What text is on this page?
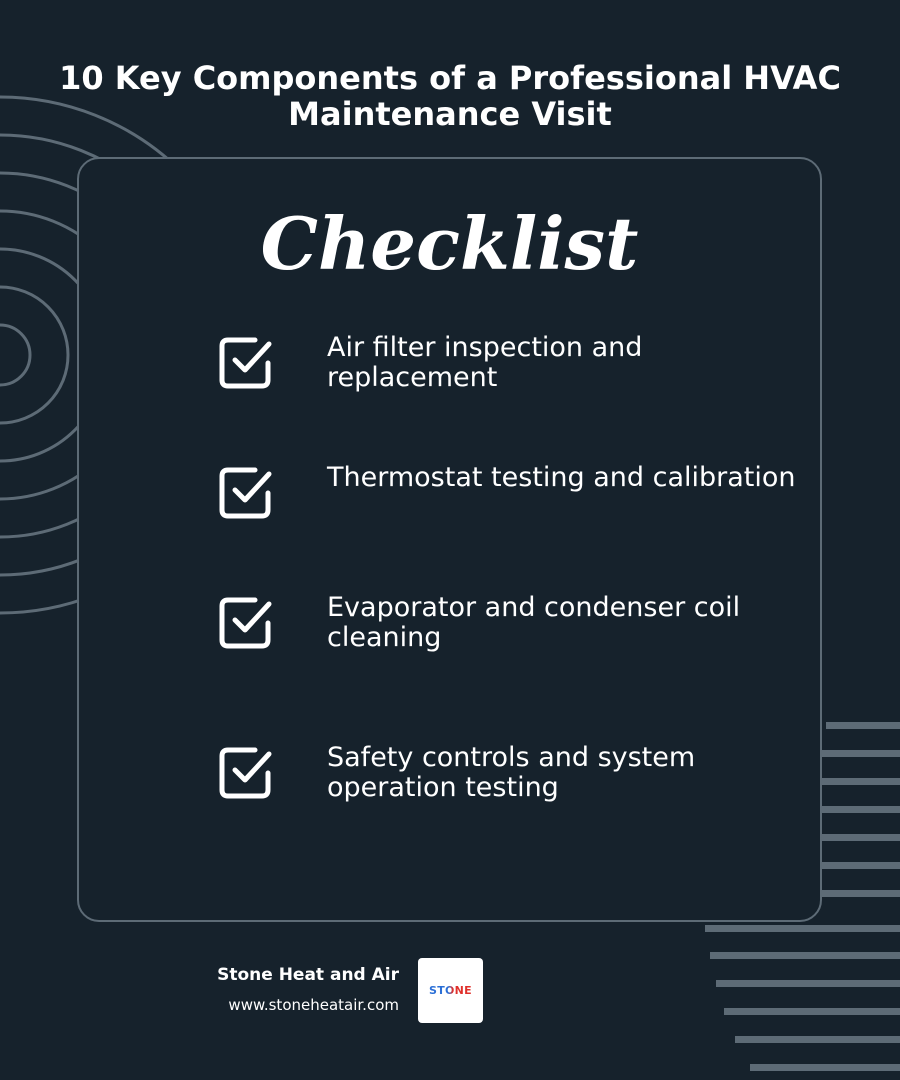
10 Key Components of a Professional HVAC Maintenance Visit
Checklist
Air filter inspection and replacement
Thermostat testing and calibration
Evaporator and condenser coil cleaning
Safety controls and system operation testing
Stone Heat and Air
www.stoneheatair.com
STONE
